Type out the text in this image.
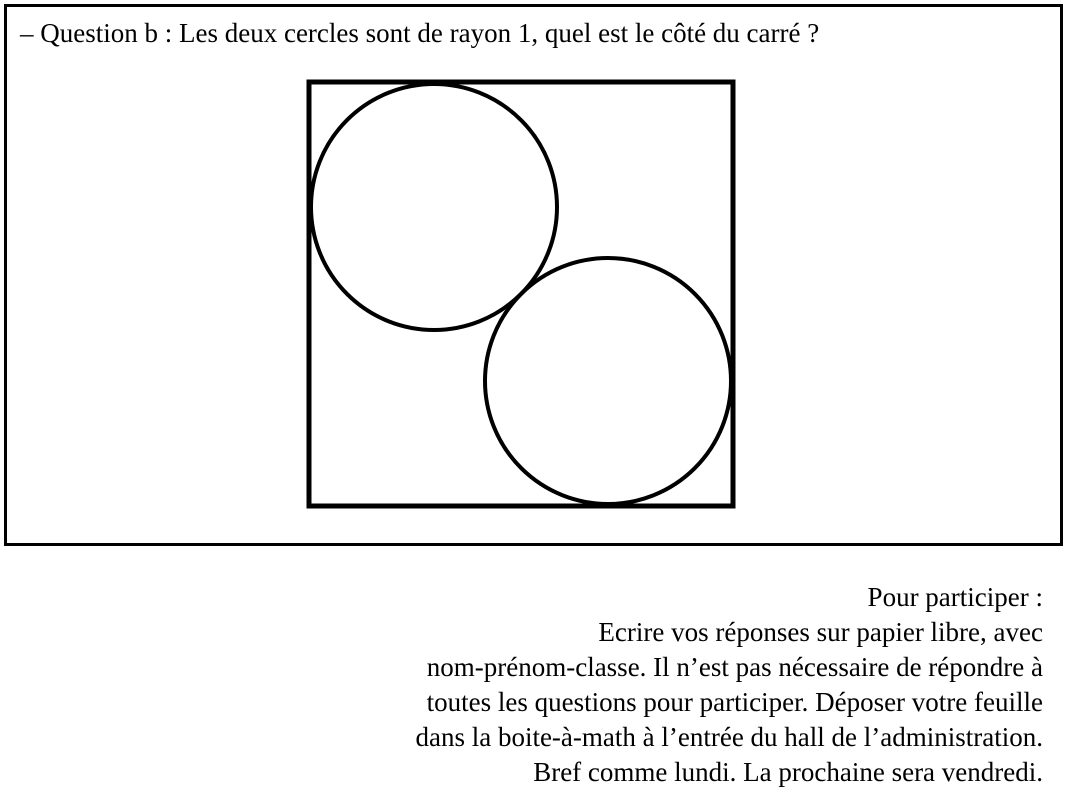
– Question b : Les deux cercles sont de rayon 1, quel est le côté du carré ?
Pour participer :
Ecrire vos réponses sur papier libre, avec
nom-prénom-classe. Il n’est pas nécessaire de répondre à
toutes les questions pour participer. Déposer votre feuille
dans la boite-à-math à l’entrée du hall de l’administration.
Bref comme lundi. La prochaine sera vendredi.
